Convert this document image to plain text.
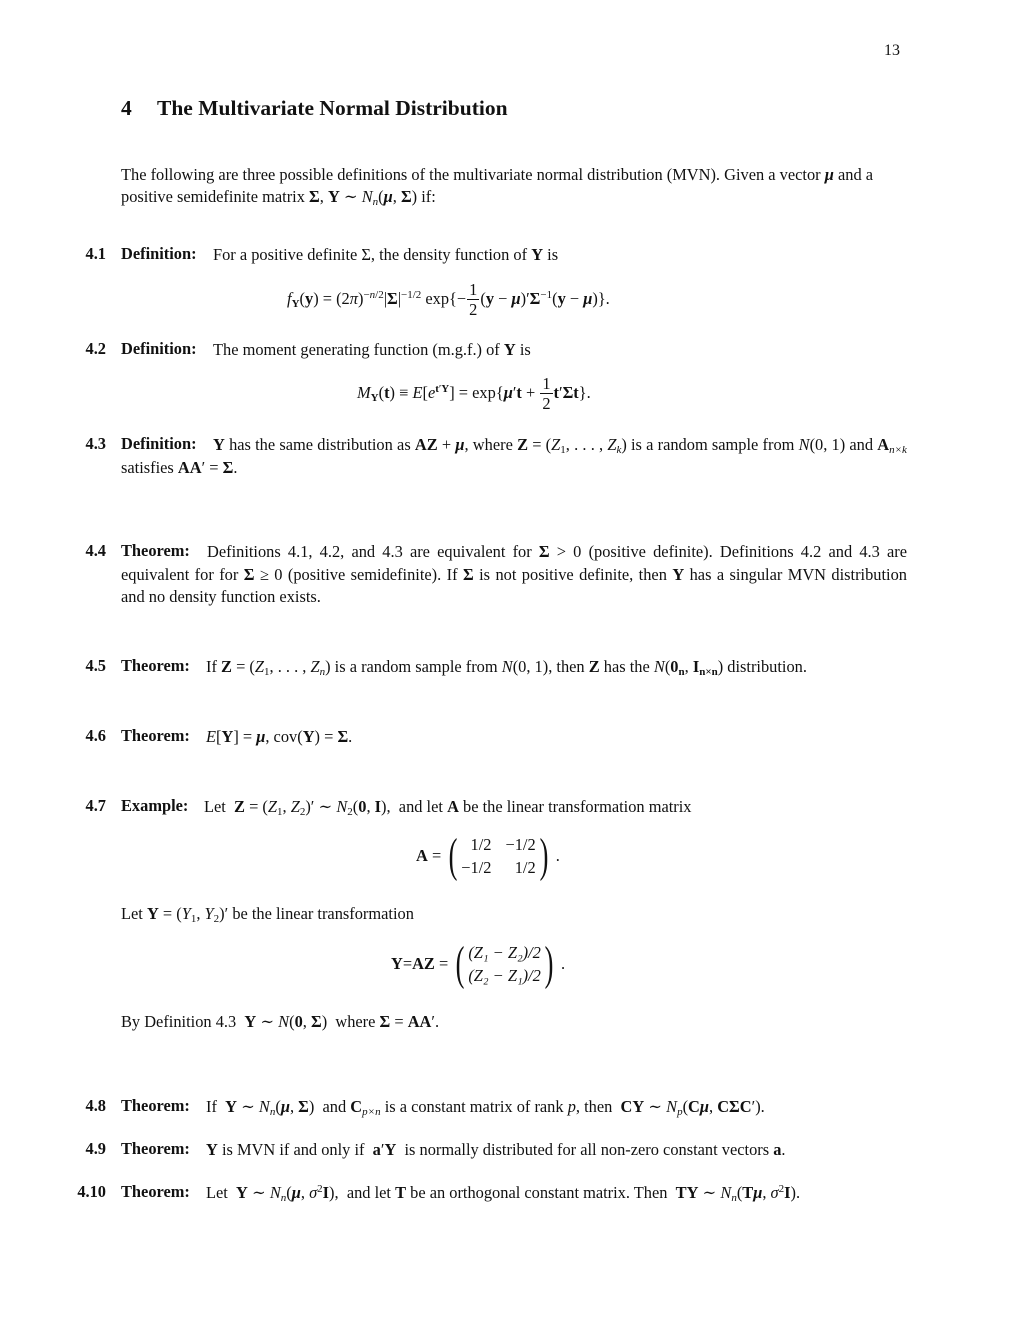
13
4 The Multivariate Normal Distribution
The following are three possible definitions of the multivariate normal distribution (MVN). Given a vector μ and a positive semidefinite matrix Σ, Y ∼ $N_n(\mu$, Σ) if:
4.1 Definition: For a positive definite Σ, the density function of Y is
$f_Y(y) = (2\pi)^{-n/2}|\Sigma|^{-1/2}$ $\exp\{- \frac{1}{2} (y - \mu)'\Sigma^{-1}(y - \mu)\}$.
4.2 Definition: The moment generating function (m.g.f.) of Y is
$M_Y(t) \equiv E[e^{t'Y}] = \exp\{\mu't + \frac{1}{2} t'\Sigma t\}$.
4.3 Definition:	Y has the same distribution as AZ + μ, where $Z = (Z_1$, . . . , $Z_k$) is a random sample from N(0, 1) and $A_{n\times k}$ satisfies AA′ = Σ.
4.4 Theorem:	Definitions 4.1, 4.2, and 4.3 are equivalent for Σ > 0 (positive definite). Definitions 4.2 and 4.3 are equivalent for for Σ ≥ 0 (positive semidefinite). If Σ is not positive definite, then Y has a singular MVN distribution and no density function exists.
4.5 Theorem: If $Z = (Z_1$, . . . , $Z_n$) is a random sample from N(0, 1), then Z has the $N(0_n$, $I_{n\times n}$) distribution.
4.6 Theorem: E[Y] = μ, cov(Y) = Σ.
4.7 Example: Let $Z = (Z_1$, $Z_2)'$ ∼ $N_2(0$, I),  and let A be the linear transformation matrix
A = ( 1/2 −1/2
−1/2	1/2 ) .
Let $Y = (Y_1$, $Y_2)'$ be the linear transformation
Y = AZ = ( (Z₁ − Z₂)/2
(Z₂ − Z₁)/2 ) .
By Definition 4.3 Y ∼ N(0, Σ)  where Σ = AA′.
4.8 Theorem: If Y ∼ $N_n(\mu$, Σ)  and $C_{p\times n}$ is a constant matrix of rank p, then CY ∼ $N_p(C\mu$, CΣC′).
4.9 Theorem: Y is MVN if and only if a′Y is normally distributed for all non-zero constant vectors a.
4.10 Theorem: Let Y ∼ $N_n(\mu$, $\sigma^2I$),  and let T be an orthogonal constant matrix. Then TY ∼ $N_n(T\mu$, $\sigma^2I$).
